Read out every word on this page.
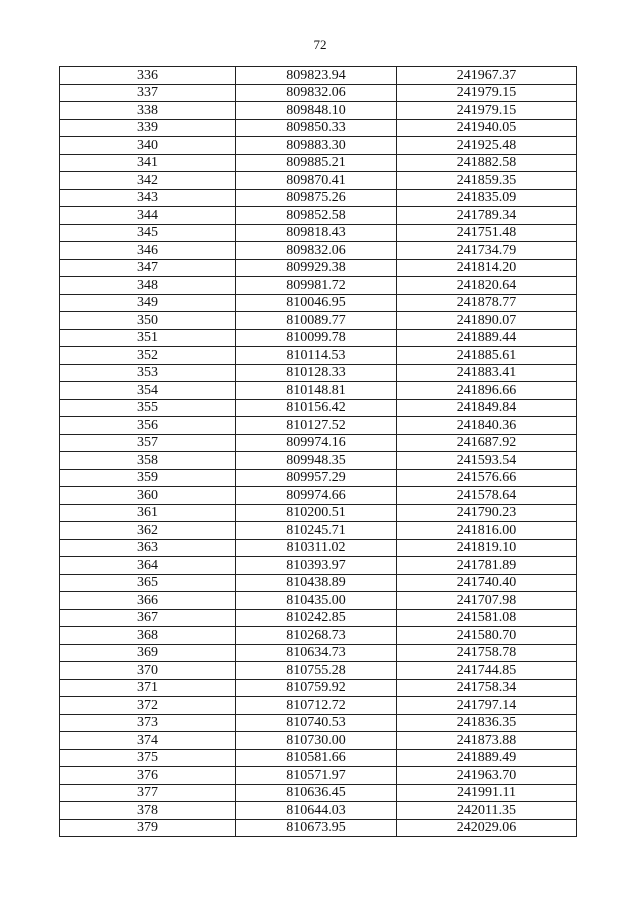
72
336	809823.94	241967.37
337	809832.06	241979.15
338	809848.10	241979.15
339	809850.33	241940.05
340	809883.30	241925.48
341	809885.21	241882.58
342	809870.41	241859.35
343	809875.26	241835.09
344	809852.58	241789.34
345	809818.43	241751.48
346	809832.06	241734.79
347	809929.38	241814.20
348	809981.72	241820.64
349	810046.95	241878.77
350	810089.77	241890.07
351	810099.78	241889.44
352	810114.53	241885.61
353	810128.33	241883.41
354	810148.81	241896.66
355	810156.42	241849.84
356	810127.52	241840.36
357	809974.16	241687.92
358	809948.35	241593.54
359	809957.29	241576.66
360	809974.66	241578.64
361	810200.51	241790.23
362	810245.71	241816.00
363	810311.02	241819.10
364	810393.97	241781.89
365	810438.89	241740.40
366	810435.00	241707.98
367	810242.85	241581.08
368	810268.73	241580.70
369	810634.73	241758.78
370	810755.28	241744.85
371	810759.92	241758.34
372	810712.72	241797.14
373	810740.53	241836.35
374	810730.00	241873.88
375	810581.66	241889.49
376	810571.97	241963.70
377	810636.45	241991.11
378	810644.03	242011.35
379	810673.95	242029.06
